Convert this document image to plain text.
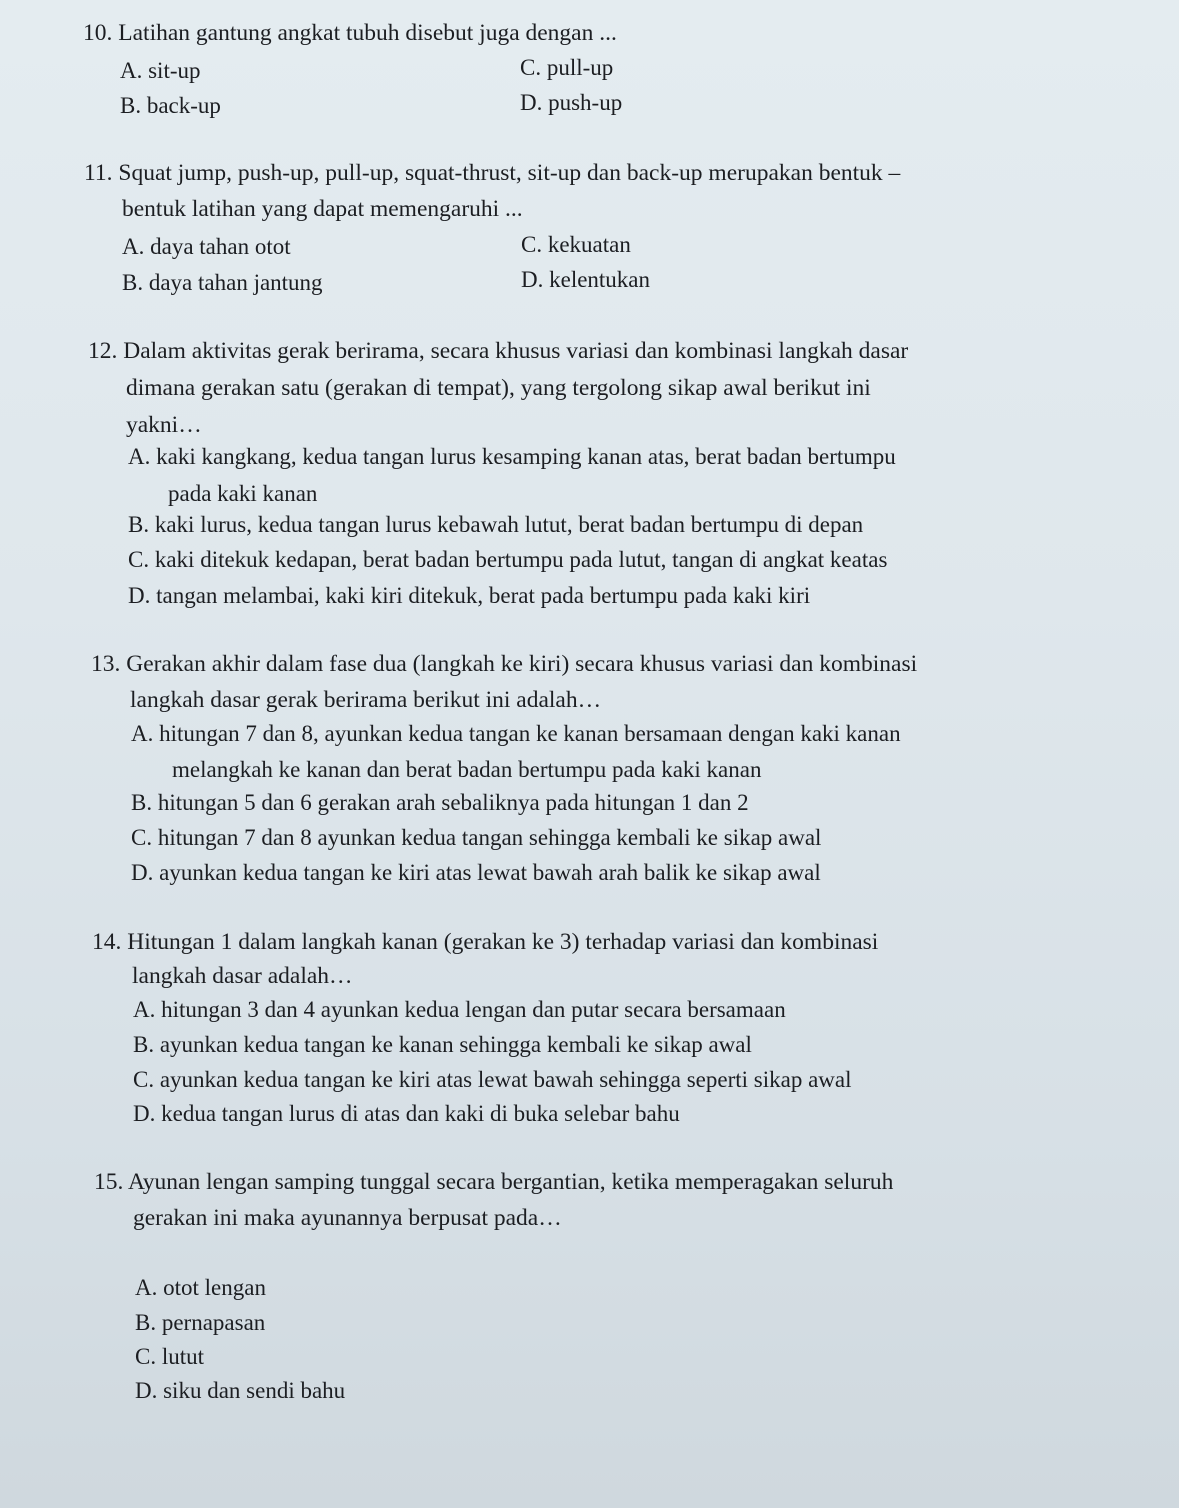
10. Latihan gantung angkat tubuh disebut juga dengan ...
A. sit-up
B. back-up
C. pull-up
D. push-up
11. Squat jump, push-up, pull-up, squat-thrust, sit-up dan back-up merupakan bentuk –
bentuk latihan yang dapat memengaruhi ...
A. daya tahan otot
B. daya tahan jantung
C. kekuatan
D. kelentukan
12. Dalam aktivitas gerak berirama, secara khusus variasi dan kombinasi langkah dasar
dimana gerakan satu (gerakan di tempat), yang tergolong sikap awal berikut ini
yakni…
A. kaki kangkang, kedua tangan lurus kesamping kanan atas, berat badan bertumpu
pada kaki kanan
B. kaki lurus, kedua tangan lurus kebawah lutut, berat badan bertumpu di depan
C. kaki ditekuk kedapan, berat badan bertumpu pada lutut, tangan di angkat keatas
D. tangan melambai, kaki kiri ditekuk, berat pada bertumpu pada kaki kiri
13. Gerakan akhir dalam fase dua (langkah ke kiri) secara khusus variasi dan kombinasi
langkah dasar gerak berirama berikut ini adalah…
A. hitungan 7 dan 8, ayunkan kedua tangan ke kanan bersamaan dengan kaki kanan
melangkah ke kanan dan berat badan bertumpu pada kaki kanan
B. hitungan 5 dan 6 gerakan arah sebaliknya pada hitungan 1 dan 2
C. hitungan 7 dan 8 ayunkan kedua tangan sehingga kembali ke sikap awal
D. ayunkan kedua tangan ke kiri atas lewat bawah arah balik ke sikap awal
14. Hitungan 1 dalam langkah kanan (gerakan ke 3) terhadap variasi dan kombinasi
langkah dasar adalah…
A. hitungan 3 dan 4 ayunkan kedua lengan dan putar secara bersamaan
B. ayunkan kedua tangan ke kanan sehingga kembali ke sikap awal
C. ayunkan kedua tangan ke kiri atas lewat bawah sehingga seperti sikap awal
D. kedua tangan lurus di atas dan kaki di buka selebar bahu
15. Ayunan lengan samping tunggal secara bergantian, ketika memperagakan seluruh
gerakan ini maka ayunannya berpusat pada…
A. otot lengan
B. pernapasan
C. lutut
D. siku dan sendi bahu
